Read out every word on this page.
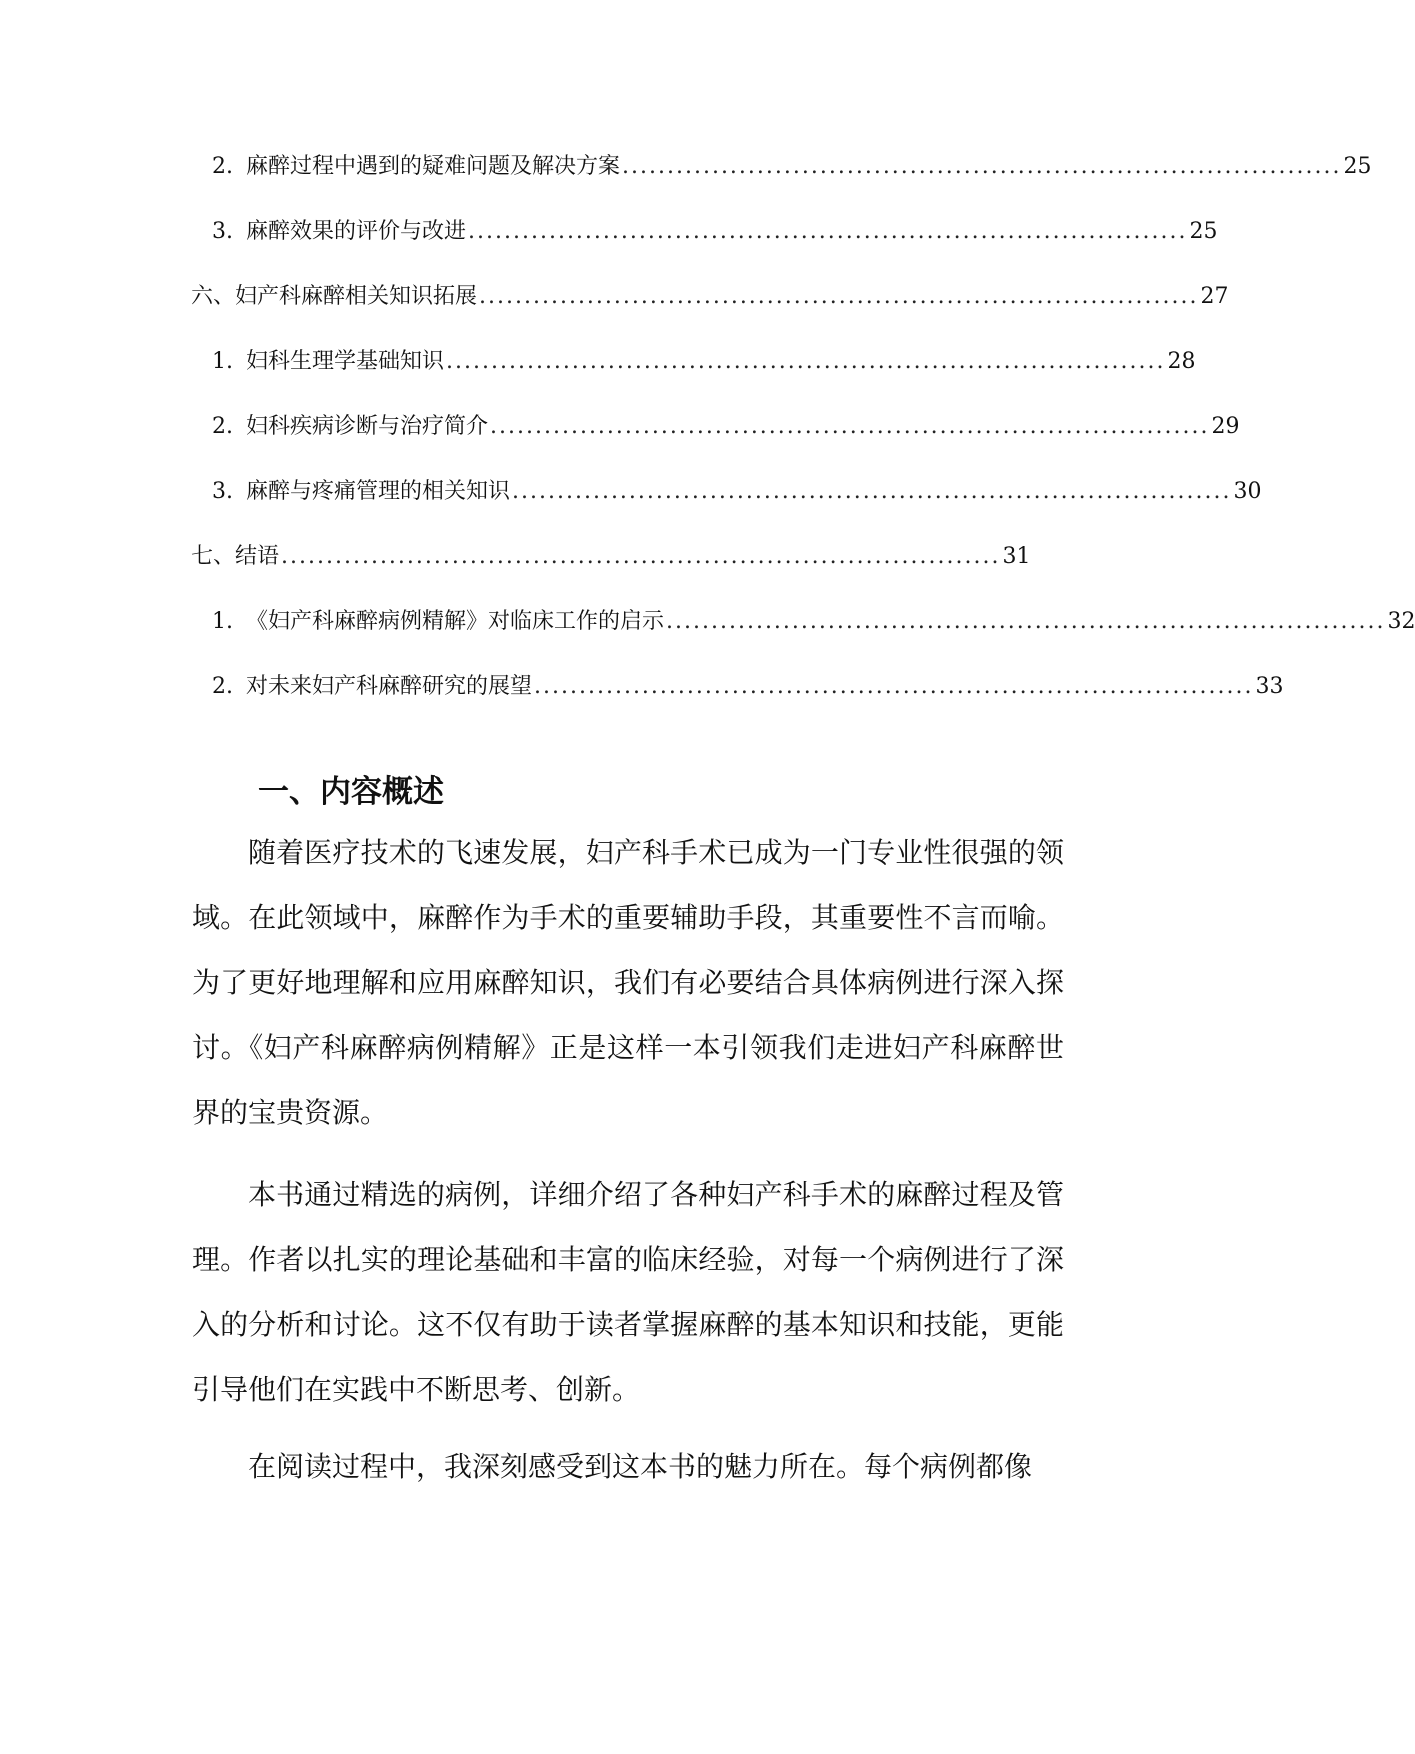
2. 麻醉过程中遇到的疑难问题及解决方案 ................................................................................ 25
3. 麻醉效果的评价与改进 ................................................................................ 25
六、妇产科麻醉相关知识拓展 ................................................................................ 27
1. 妇科生理学基础知识 ................................................................................ 28
2. 妇科疾病诊断与治疗简介 ................................................................................ 29
3. 麻醉与疼痛管理的相关知识 ................................................................................ 30
七、结语 ................................................................................ 31
1. 《妇产科麻醉病例精解》对临床工作的启示 ................................................................................ 32
2. 对未来妇产科麻醉研究的展望 ................................................................................ 33
一、内容概述

随着医疗技术的飞速发展，妇产科手术已成为一门专业性很强的领域。在此领域中，麻醉作为手术的重要辅助手段，其重要性不言而喻。为了更好地理解和应用麻醉知识，我们有必要结合具体病例进行深入探讨。《妇产科麻醉病例精解》正是这样一本引领我们走进妇产科麻醉世界的宝贵资源。

本书通过精选的病例，详细介绍了各种妇产科手术的麻醉过程及管理。作者以扎实的理论基础和丰富的临床经验，对每一个病例进行了深入的分析和讨论。这不仅有助于读者掌握麻醉的基本知识和技能，更能引导他们在实践中不断思考、创新。

在阅读过程中，我深刻感受到这本书的魅力所在。每个病例都像
